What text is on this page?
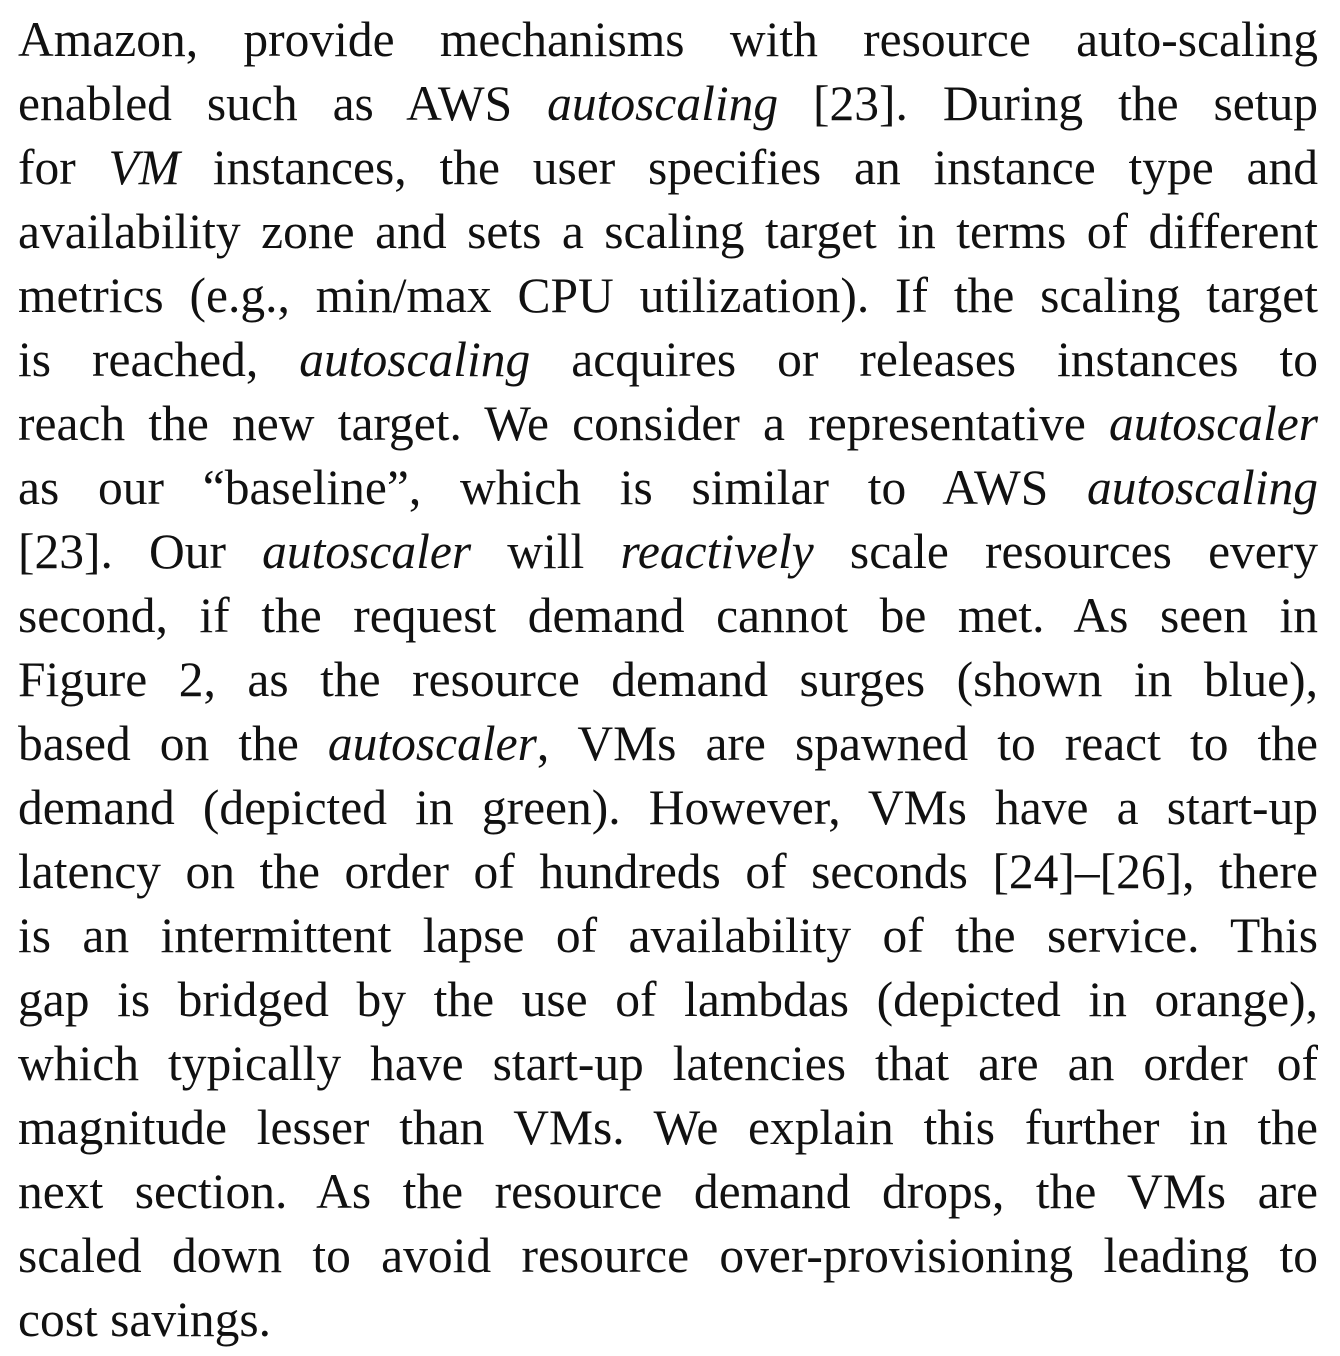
Amazon, provide mechanisms with resource auto-scaling
enabled such as AWS autoscaling [23]. During the setup
for VM instances, the user specifies an instance type and
availability zone and sets a scaling target in terms of different
metrics (e.g., min/max CPU utilization). If the scaling target
is reached, autoscaling acquires or releases instances to
reach the new target. We consider a representative autoscaler
as our “baseline”, which is similar to AWS autoscaling
[23]. Our autoscaler will reactively scale resources every
second, if the request demand cannot be met. As seen in
Figure 2, as the resource demand surges (shown in blue),
based on the autoscaler, VMs are spawned to react to the
demand (depicted in green). However, VMs have a start-up
latency on the order of hundreds of seconds [24]–[26], there
is an intermittent lapse of availability of the service. This
gap is bridged by the use of lambdas (depicted in orange),
which typically have start-up latencies that are an order of
magnitude lesser than VMs. We explain this further in the
next section. As the resource demand drops, the VMs are
scaled down to avoid resource over-provisioning leading to
cost savings.
